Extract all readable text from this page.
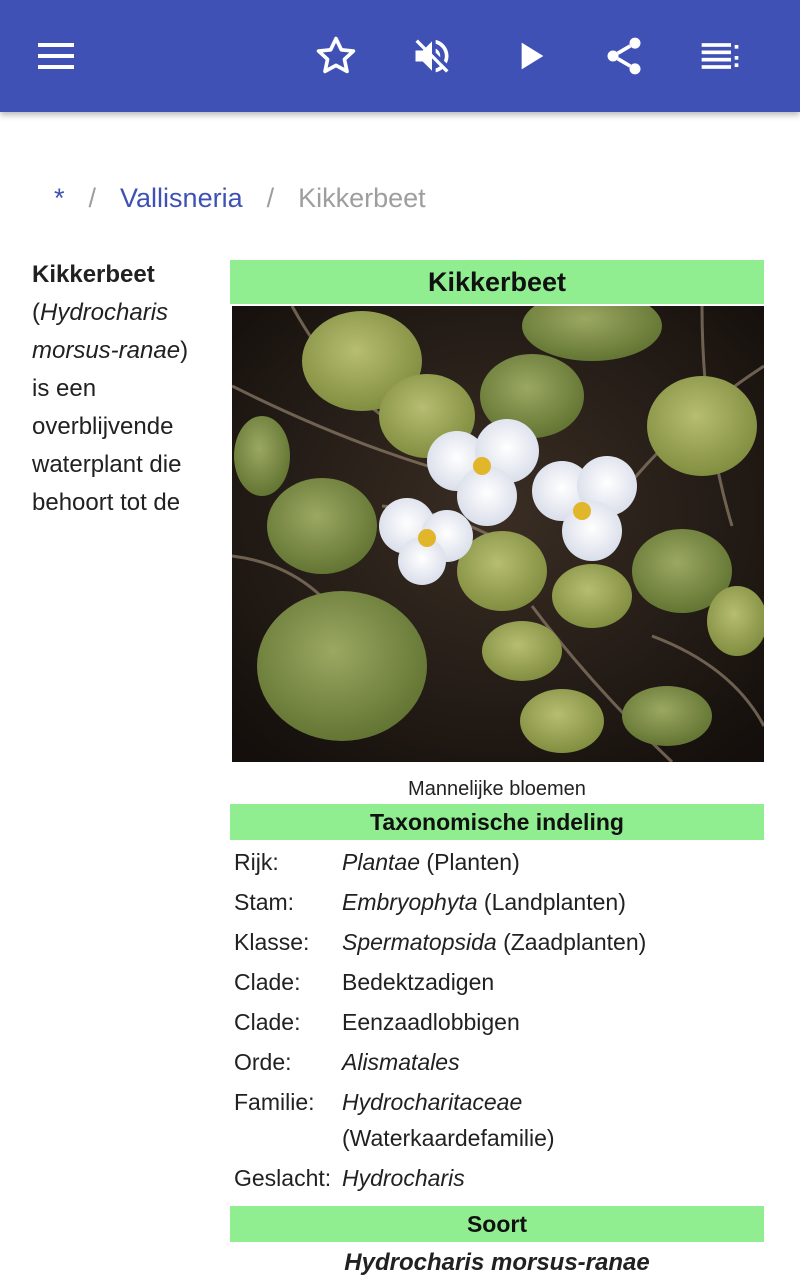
* / Vallisneria / Kikkerbeet
Kikkerbeet
(Hydrocharis morsus-ranae) is een overblijvende waterplant die behoort tot de
Kikkerbeet
Mannelijke bloemen
Taxonomische indeling
Rijk:	Plantae (Planten)
Stam:	Embryophyta (Landplanten)
Klasse:	Spermatopsida (Zaadplanten)
Clade:	Bedektzadigen
Clade:	Eenzaadlobbigen
Orde:	Alismatales
Familie:	Hydrocharitaceae
(Waterkaardefamilie)
Geslacht: Hydrocharis
Soort
Hydrocharis morsus-ranae
